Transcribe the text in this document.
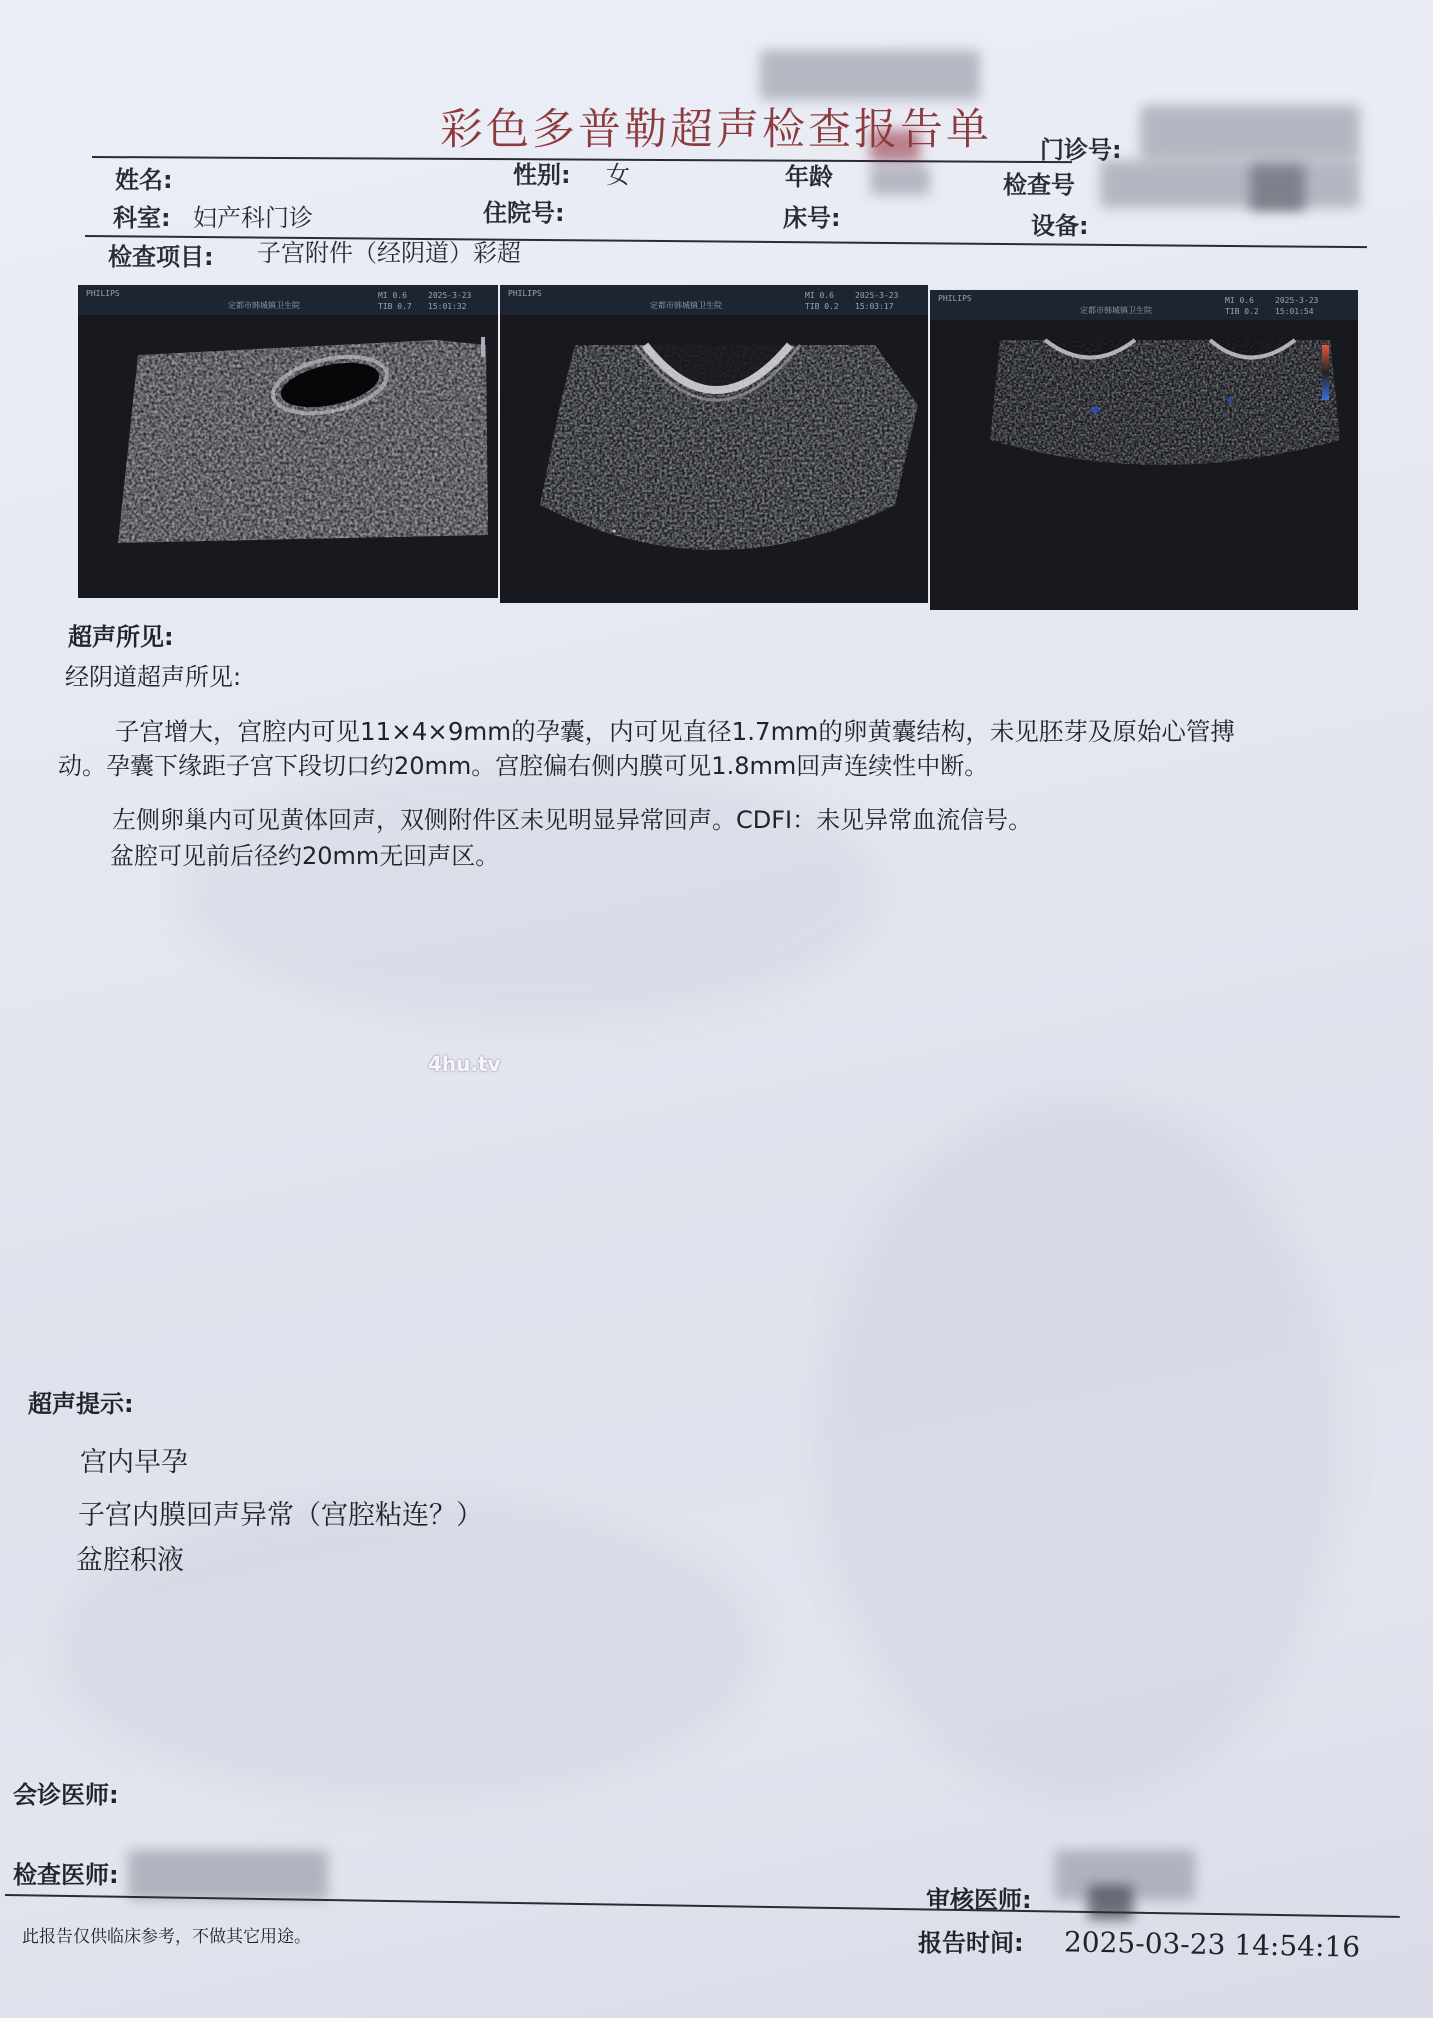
彩色多普勒超声检查报告单 门诊号:
姓名:	性别: 女	年龄	检查号
科室: 妇产科门诊	住院号:	床号:	设备:
检查项目: 子宫附件（经阴道）彩超
PHILIPS
定都市韩城镇卫生院
MI 0.6	2025-3-23
TIB 0.7 15:01:32
PHILIPS
定都市韩城镇卫生院
MI 0.6	2025-3-23
TIB 0.2 15:03:17
◆
PHILIPS
定都市韩城镇卫生院
MI 0.6	2025-3-23
TIB 0.2 15:01:54
超声所见:
经阴道超声所见:
子宫增大，宫腔内可见11×4×9mm的孕囊，内可见直径1.7mm的卵黄囊结构，未见胚芽及原始心管搏
动。孕囊下缘距子宫下段切口约20mm。宫腔偏右侧内膜可见1.8mm回声连续性中断。
左侧卵巢内可见黄体回声，双侧附件区未见明显异常回声。CDFI：未见异常血流信号。
盆腔可见前后径约20mm无回声区。
4hu.tv
超声提示:
宫内早孕
子宫内膜回声异常（宫腔粘连？）
盆腔积液
会诊医师:
检查医师:
审核医师:
此报告仅供临床参考，不做其它用途。	报告时间: 2025-03-23 14:54:16
